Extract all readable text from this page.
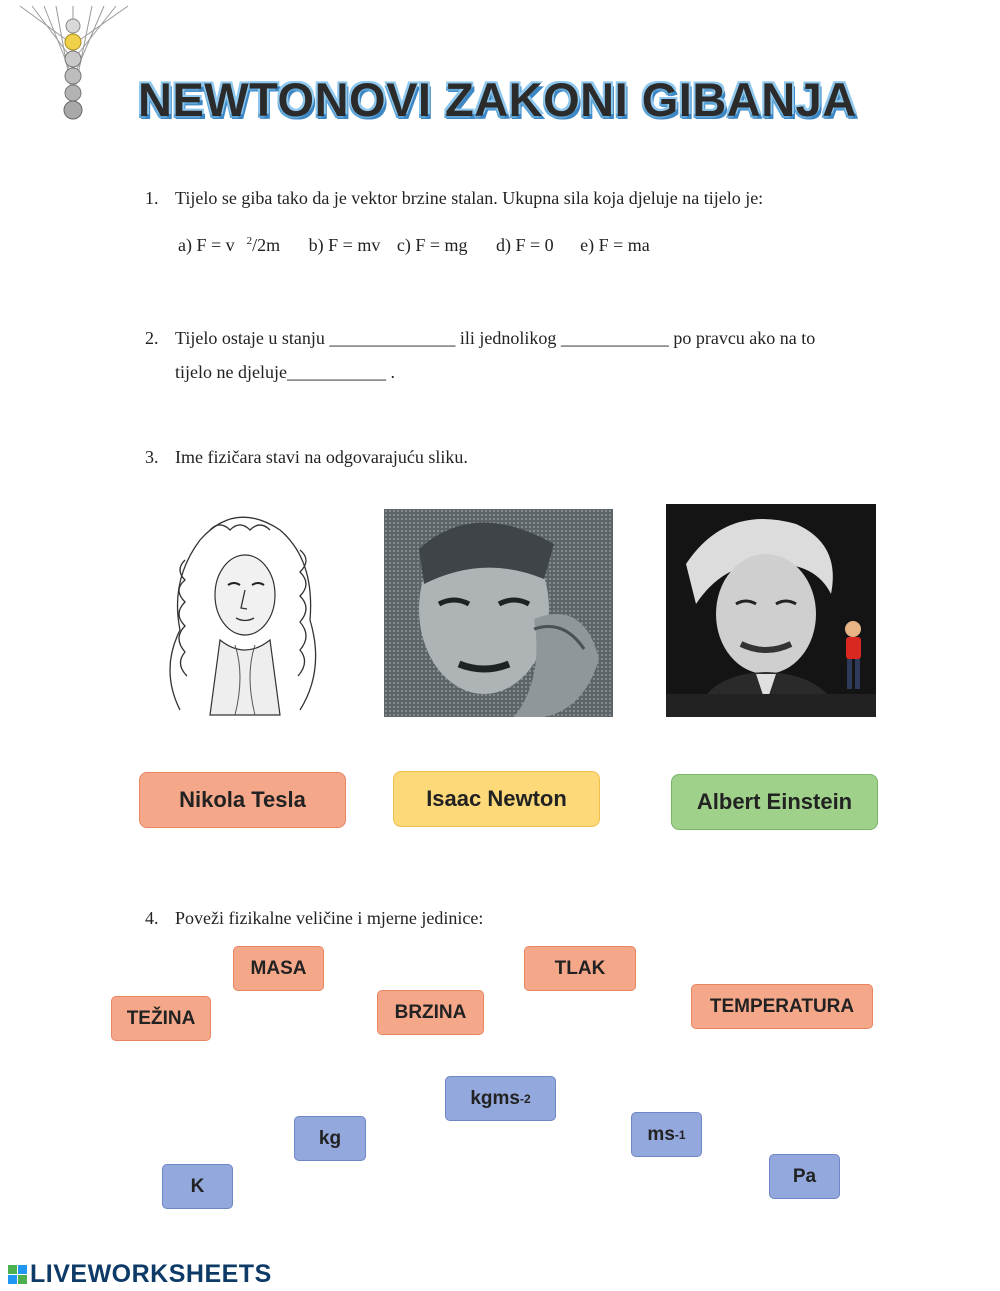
NEWTONOVI ZAKONI GIBANJA
1. Tijelo se giba tako da je vektor brzine stalan. Ukupna sila koja djeluje na tijelo je:
a) F = v $^2$/2m b) F = mv c) F = mg d) F = 0 e) F = ma
2. Tijelo ostaje u stanju ______________ ili jednolikog ____________ po pravcu ako na to
tijelo ne djeluje___________ .
3. Ime fizičara stavi na odgovarajuću sliku.
Nikola Tesla	Isaac Newton	Albert Einstein
4. Poveži fizikalne veličine i mjerne jedinice:
MASA	TLAK
TEŽINA	BRZINA	TEMPERATURA
kgms -2
kg	ms -1
K	Pa
LIVEWORKSHEETS
